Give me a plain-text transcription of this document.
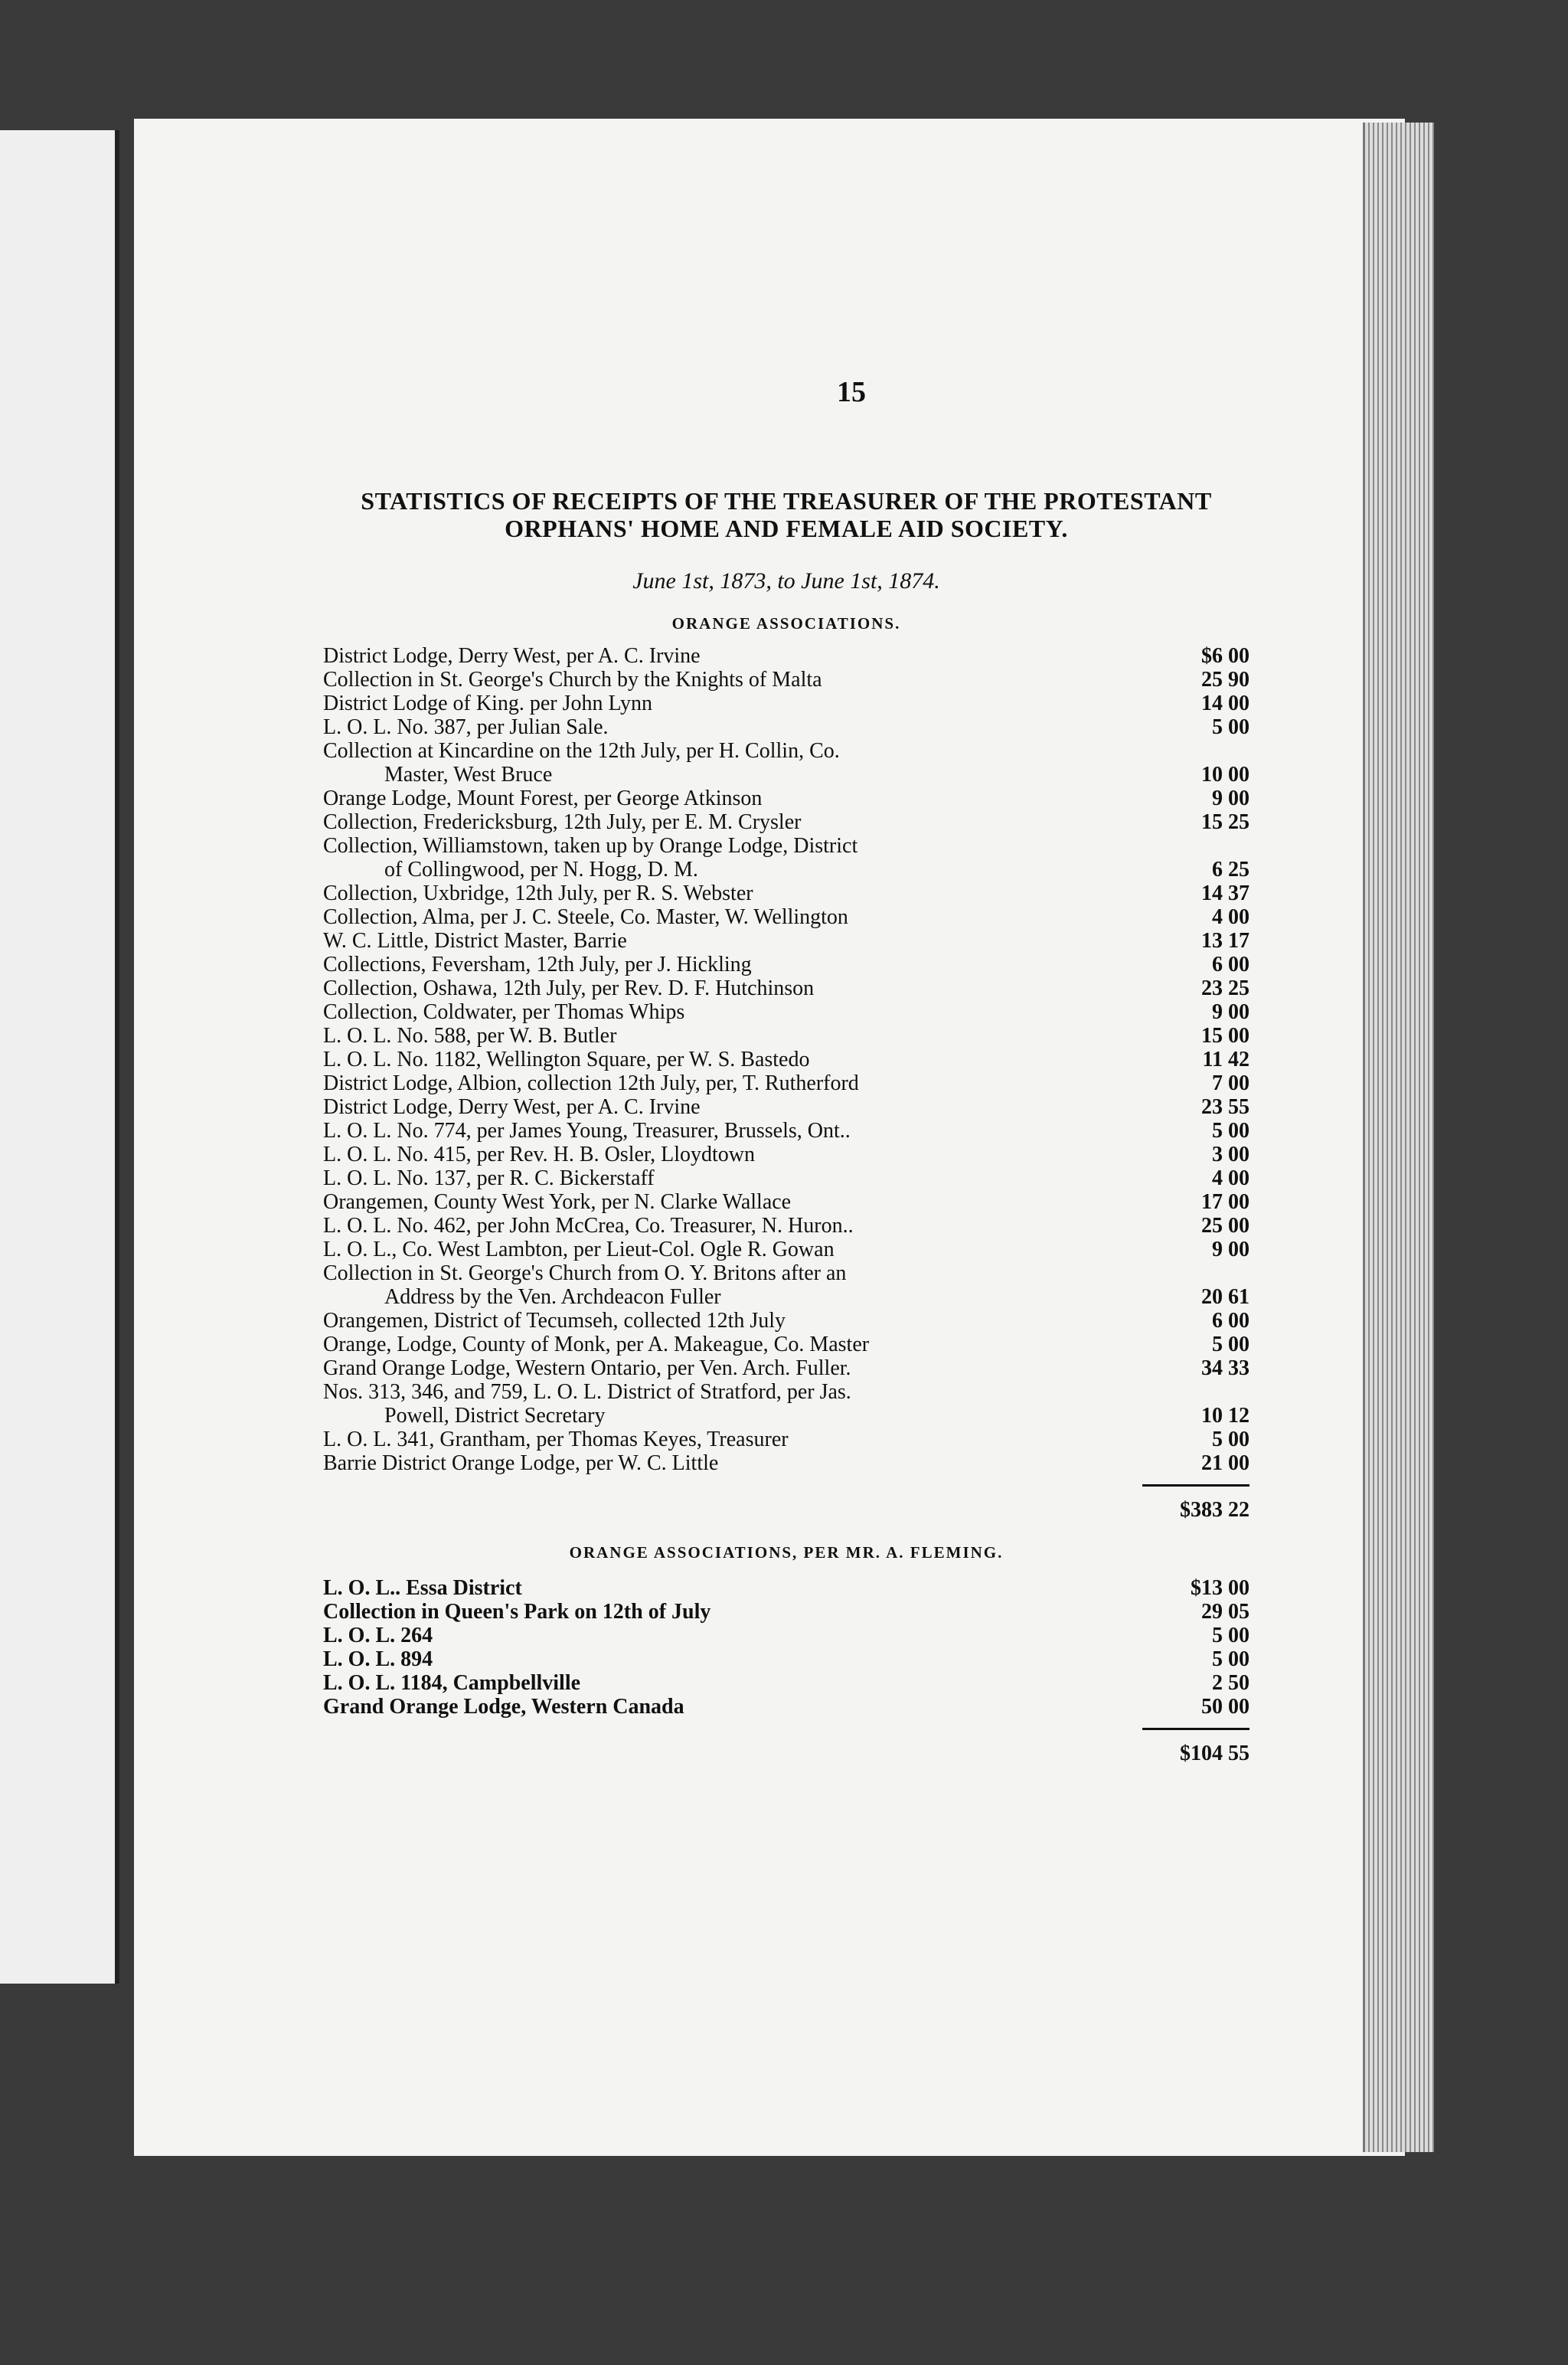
15
STATISTICS OF RECEIPTS OF THE TREASURER OF THE PROTESTANT ORPHANS' HOME AND FEMALE AID SOCIETY.
June 1st, 1873, to June 1st, 1874.
ORANGE ASSOCIATIONS.
District Lodge, Derry West, per A. C. Irvine	$6 00
Collection in St. George's Church by the Knights of Malta	25 90
District Lodge of King. per John Lynn	14 00
L. O. L. No. 387, per Julian Sale.	5 00
Collection at Kincardine on the 12th July, per H. Collin, Co.
Master, West Bruce	10 00
Orange Lodge, Mount Forest, per George Atkinson	9 00
Collection, Fredericksburg, 12th July, per E. M. Crysler	15 25
Collection, Williamstown, taken up by Orange Lodge, District
of Collingwood, per N. Hogg, D. M.	6 25
Collection, Uxbridge, 12th July, per R. S. Webster	14 37
Collection, Alma, per J. C. Steele, Co. Master, W. Wellington	4 00
W. C. Little, District Master, Barrie	13 17
Collections, Feversham, 12th July, per J. Hickling	6 00
Collection, Oshawa, 12th July, per Rev. D. F. Hutchinson	23 25
Collection, Coldwater, per Thomas Whips	9 00
L. O. L. No. 588, per W. B. Butler	15 00
L. O. L. No. 1182, Wellington Square, per W. S. Bastedo	11 42
District Lodge, Albion, collection 12th July, per, T. Rutherford	7 00
District Lodge, Derry West, per A. C. Irvine	23 55
L. O. L. No. 774, per James Young, Treasurer, Brussels, Ont..	5 00
L. O. L. No. 415, per Rev. H. B. Osler, Lloydtown	3 00
L. O. L. No. 137, per R. C. Bickerstaff	4 00
Orangemen, County West York, per N. Clarke Wallace	17 00
L. O. L. No. 462, per John McCrea, Co. Treasurer, N. Huron..	25 00
L. O. L., Co. West Lambton, per Lieut-Col. Ogle R. Gowan	9 00
Collection in St. George's Church from O. Y. Britons after an
Address by the Ven. Archdeacon Fuller	20 61
Orangemen, District of Tecumseh, collected 12th July	6 00
Orange, Lodge, County of Monk, per A. Makeague, Co. Master	5 00
Grand Orange Lodge, Western Ontario, per Ven. Arch. Fuller.	34 33
Nos. 313, 346, and 759, L. O. L. District of Stratford, per Jas.
Powell, District Secretary	10 12
L. O. L. 341, Grantham, per Thomas Keyes, Treasurer	5 00
Barrie District Orange Lodge, per W. C. Little	21 00
$383 22
ORANGE ASSOCIATIONS, PER MR. A. FLEMING.
L. O. L.. Essa District	$13 00
Collection in Queen's Park on 12th of July	29 05
L. O. L. 264	5 00
L. O. L. 894	5 00
L. O. L. 1184, Campbellville	2 50
Grand Orange Lodge, Western Canada	50 00
$104 55
